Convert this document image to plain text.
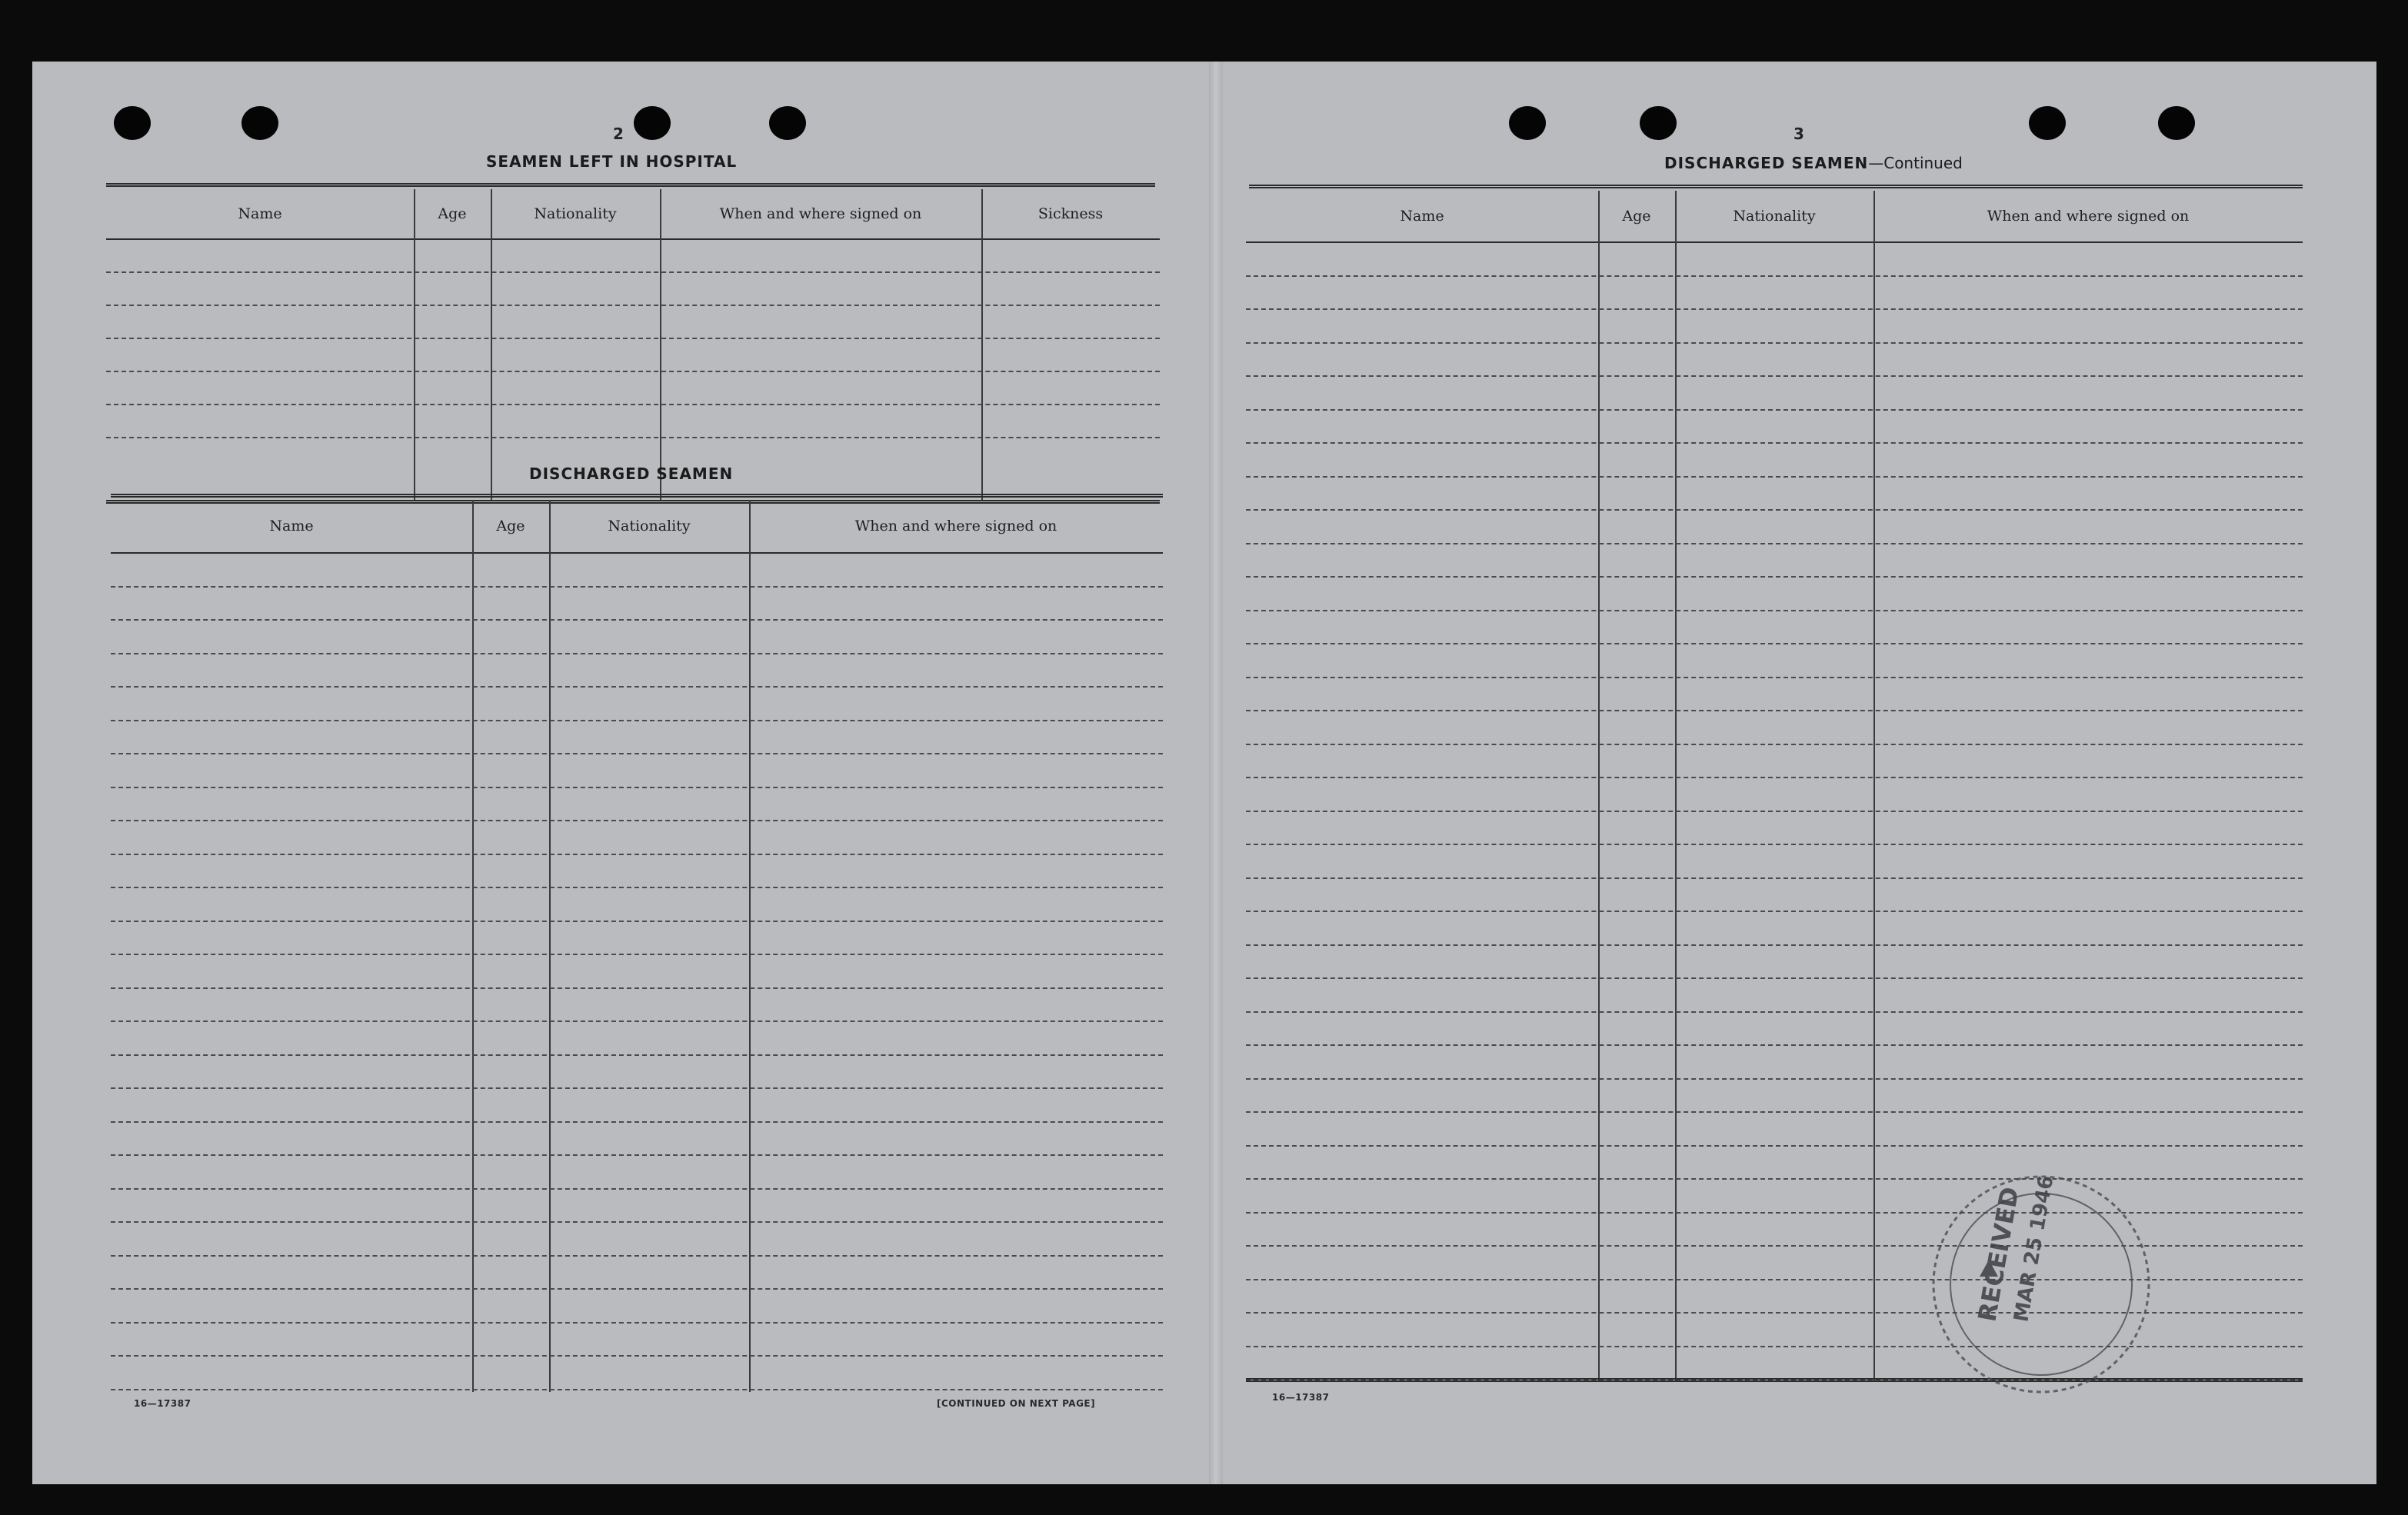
2
SEAMEN LEFT IN HOSPITAL
Name	Age	Nationality	When and where signed on	Sickness
DISCHARGED SEAMEN
Name	Age	Nationality	When and where signed on
16—17387	[CONTINUED ON NEXT PAGE]
3
DISCHARGED SEAMEN—Continued
Name	Age	Nationality	When and where signed on
16—17387
RECEIVED
MAR 25 1946
